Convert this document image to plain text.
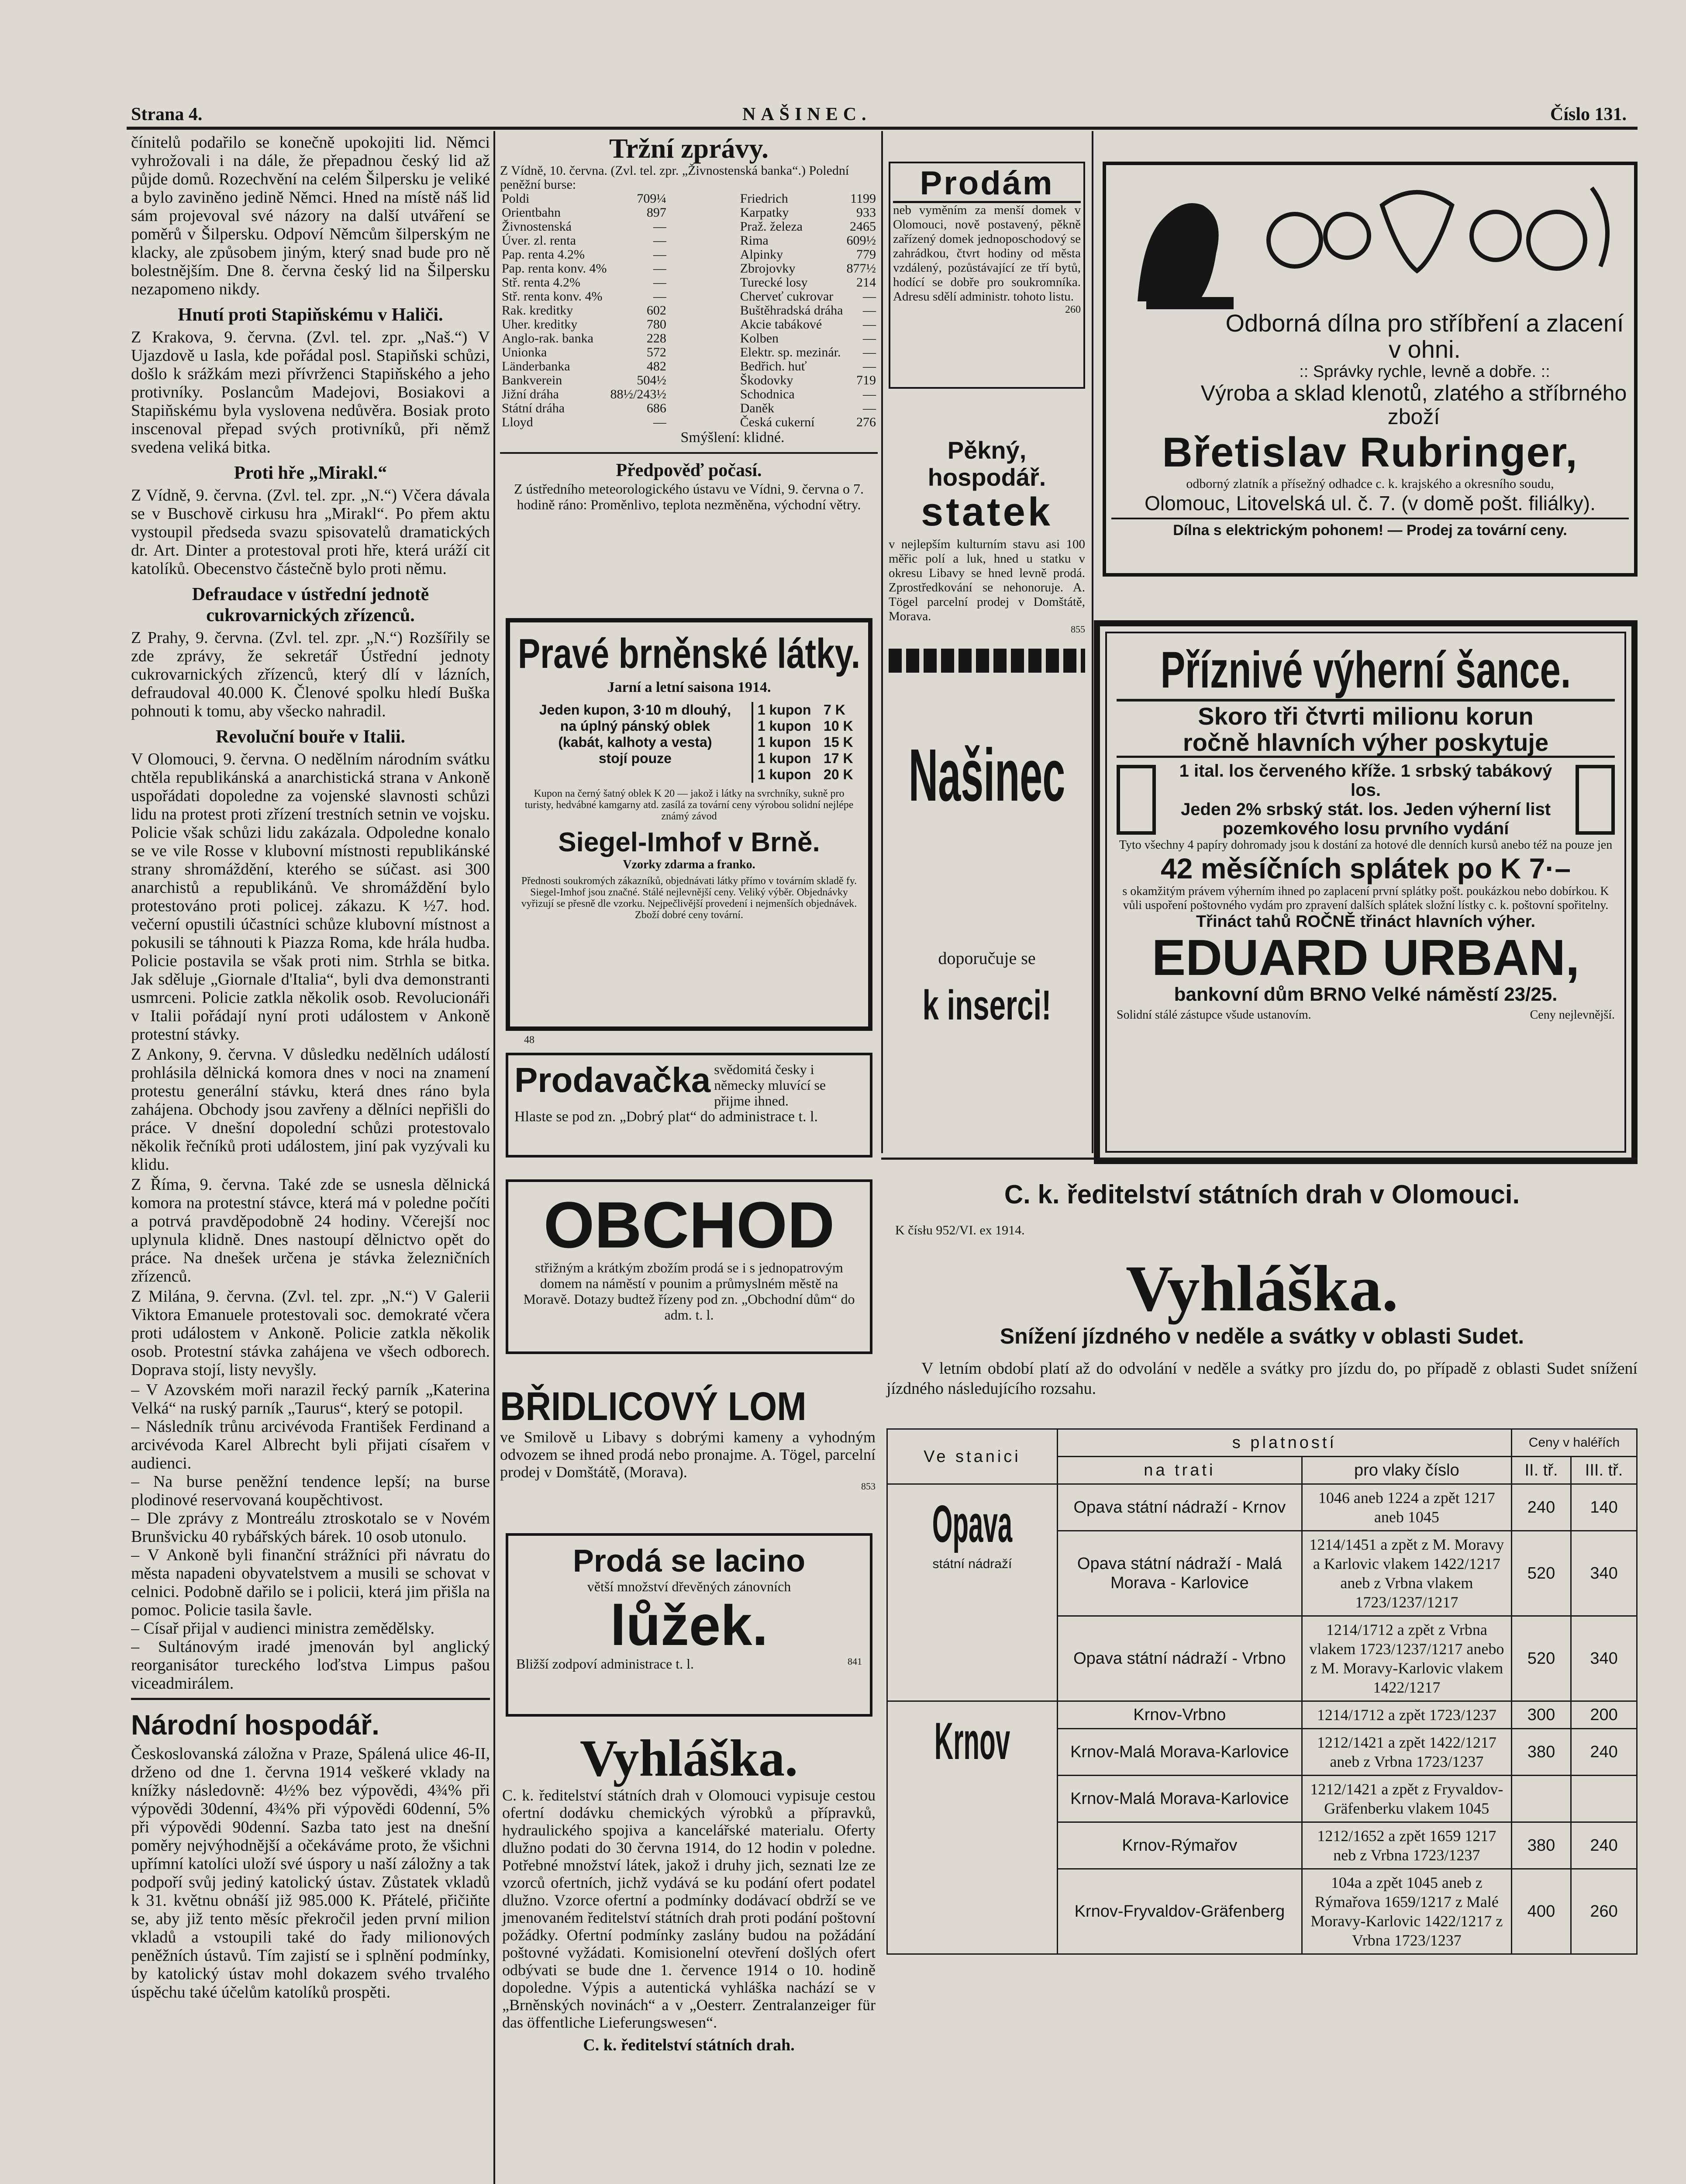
Strana 4.	NAŠINEC.	Číslo 131.

čínitelů podařilo se konečně upokojiti lid. Němci vyhrožovali i na dále, že přepadnou český lid až půjde domů. Rozechvění na celém Šilpersku je veliké a bylo zaviněno jedině Němci. Hned na místě náš lid sám projevoval své názory na další utváření se poměrů v Šilpersku. Odpoví Němcům šilperským ne klacky, ale způsobem jiným, který snad bude pro ně bolestnějším. Dne 8. června český lid na Šilpersku nezapomeno nikdy.

Hnutí proti Stapiňskému v Haliči.

Z Krakova, 9. června. (Zvl. tel. zpr. „Naš.“) V Ujazdově u Iasla, kde pořádal posl. Stapiňski schůzi, došlo k srážkám mezi přívrženci Stapiňského a jeho protivníky. Poslancům Madejovi, Bosiakovi a Stapiňskému byla vyslovena nedůvěra. Bosiak proto inscenoval přepad svých protivníků, při němž svedena veliká bitka.

Proti hře „Mirakl.“

Z Vídně, 9. června. (Zvl. tel. zpr. „N.“) Včera dávala se v Buschově cirkusu hra „Mirakl“. Po přem aktu vystoupil předseda svazu spisovatelů dramatických dr. Art. Dinter a protestoval proti hře, která uráží cit katolíků. Obecenstvo částečně bylo proti němu.

Defraudace v ústřední jednotě cukrovarnických zřízenců.

Z Prahy, 9. června. (Zvl. tel. zpr. „N.“) Rozšířily se zde zprávy, že sekretář Ústřední jednoty cukrovarnických zřízenců, který dlí v lázních, defraudoval 40.000 K. Členové spolku hledí Buška pohnouti k tomu, aby všecko nahradil.

Revoluční bouře v Italii.

V Olomouci, 9. června. O nedělním národním svátku chtěla republikánská a anarchistická strana v Ankoně uspořádati dopoledne za vojenské slavnosti schůzi lidu na protest proti zřízení trestních setnin ve vojsku. Policie však schůzi lidu zakázala. Odpoledne konalo se ve vile Rosse v klubovní místnosti republikánské strany shromáždění, kterého se súčast. asi 300 anarchistů a republikánů. Ve shromáždění bylo protestováno proti policej. zákazu. K ½7. hod. večerní opustili účastníci schůze klubovní místnost a pokusili se táhnouti k Piazza Roma, kde hrála hudba. Policie postavila se však proti nim. Strhla se bitka. Jak sděluje „Giornale d'Italia“, byli dva demonstranti usmrceni. Policie zatkla několik osob. Revolucionáři v Italii pořádají nyní proti událostem v Ankoně protestní stávky.

Z Ankony, 9. června. V důsledku nedělních událostí prohlásila dělnická komora dnes v noci na znamení protestu generální stávku, která dnes ráno byla zahájena. Obchody jsou zavřeny a dělníci nepřišli do práce. V dnešní dopolední schůzi protestovalo několik řečníků proti událostem, jiní pak vyzývali ku klidu.

Z Říma, 9. června. Také zde se usnesla dělnická komora na protestní stávce, která má v poledne počíti a potrvá pravděpodobně 24 hodiny. Včerejší noc uplynula klidně. Dnes nastoupí dělnictvo opět do práce. Na dnešek určena je stávka železničních zřízenců.

Z Milána, 9. června. (Zvl. tel. zpr. „N.“) V Galerii Viktora Emanuele protestovali soc. demokraté včera proti událostem v Ankoně. Policie zatkla několik osob. Protestní stávka zahájena ve všech odborech. Doprava stojí, listy nevyšly.

– V Azovském moři narazil řecký parník „Katerina Velká“ na ruský parník „Taurus“, který se potopil.
– Následník trůnu arcivévoda František Ferdinand a arcivévoda Karel Albrecht byli přijati císařem v audienci.
– Na burse peněžní tendence lepší; na burse plodinové reservovaná koupěchtivost.
– Dle zprávy z Montreálu ztroskotalo se v Novém Brunšvicku 40 rybářských bárek. 10 osob utonulo.
– V Ankoně byli finanční strážníci při návratu do města napadeni obyvatelstvem a musili se schovat v celnici. Podobně dařilo se i policii, která jim přišla na pomoc. Policie tasila šavle.
– Císař přijal v audienci ministra zemědělsky.
– Sultánovým iradé jmenován byl anglický reorganisátor tureckého loďstva Limpus pašou viceadmirálem.

Národní hospodář.

Českoslovanská záložna v Praze, Spálená ulice 46-II, drženo od dne 1. června 1914 veškeré vklady na knížky následovně: 4½% bez výpovědi, 4¾% při výpovědi 30denní, 4¾% při výpovědi 60denní, 5% při výpovědi 90denní. Sazba tato jest na dnešní poměry nejvýhodnější a očekáváme proto, že všichni upřímní katolíci uloží své úspory u naší záložny a tak podpoří svůj jediný katolický ústav. Zůstatek vkladů k 31. květnu obnáší již 985.000 K. Přátelé, přičiňte se, aby již tento měsíc překročil jeden první milion vkladů a vstoupili také do řady milionových peněžních ústavů. Tím zajistí se i splnění podmínky, by katolický ústav mohl dokazem svého trvalého úspěchu také účelům katolíků prospěti.

Tržní zprávy.
Z Vídně, 10. června. (Zvl. tel. zpr. „Živnostenská banka“.) Polední peněžní burse:
Poldi	709¼
Orientbahn	897
Živnostenská	—
Úver. zl. renta	—
Pap. renta 4.2%	—
Pap. renta konv. 4%	—
Stř. renta 4.2%	—
Stř. renta konv. 4%	—
Rak. kreditky	602
Uher. kreditky	780
Anglo-rak. banka	228
Unionka	572
Länderbanka	482
Bankverein	504½
Jižní dráha	88½/243½
Státní dráha	686
Lloyd	—
Friedrich	1199
Karpatky	933
Praž. železa	2465
Rima	609½
Alpinky	779
Zbrojovky	877½
Turecké losy	214
Cherveť cukrovar	—
Buštěhradská dráha	—
Akcie tabákové	—
Kolben	—
Elektr. sp. mezinár.	—
Bedřich. huť	—
Škodovky	719
Schodnica	—
Daněk	—
Česká cukerní	276
Smýšlení: klidné.
Předpověď počasí.
Z ústředního meteorologického ústavu ve Vídni, 9. června o 7. hodině ráno: Proměnlivo, teplota nezměněna, východní větry.
Pravé brněnské látky.
Jarní a letní saisona 1914.
Jeden kupon, 3·10 m dlouhý,	1 kupon	7 K
na úplný pánský oblek	1 kupon	10 K
(kabát, kalhoty a vesta)	1 kupon	15 K
stojí pouze	1 kupon	17 K
	1 kupon	20 K
Kupon na černý šatný oblek K 20 — jakož i látky na svrchníky, sukně pro turisty, hedvábné kamgarny atd. zasílá za tovární ceny výrobou solidní nejlépe známý závod
Siegel-Imhof v Brně.
Vzorky zdarma a franko.
Přednosti soukromých zákazníků, objednávati látky přímo v továrním skladě fy. Siegel-Imhof jsou značné. Stálé nejlevnější ceny. Veliký výběr. Objednávky vyřizují se přesně dle vzorku. Nejpečlivější provedení i nejmenších objednávek. Zboží dobré ceny tovární.
48
Prodavačka svědomitá česky i německy mluvící se přijme ihned.
Hlaste se pod zn. „Dobrý plat“ do administrace t. l.
OBCHOD
střižným a krátkým zbožím prodá se i s jednopatrovým domem na náměstí v pounim a průmyslném městě na Moravě. Dotazy budtež řízeny pod zn. „Obchodní dům“ do adm. t. l.
BŘIDLICOVÝ LOM
ve Smilově u Libavy s dobrými kameny a vyhodným odvozem se ihned prodá nebo pronajme. A. Tögel, parcelní prodej v Domštátě, (Morava).
853
Prodá se lacino
větší množství dřevěných zánovních
lůžek.
Bližší zodpoví administrace t. l.	841
Vyhláška.
C. k. ředitelství státních drah v Olomouci vypisuje cestou ofertní dodávku chemických výrobků a přípravků, hydraulického spojiva a kancelářské materialu. Oferty dlužno podati do 30 června 1914, do 12 hodin v poledne. Potřebné množství látek, jakož i druhy jich, seznati lze ze vzorců ofertních, jichž vydává se ku podání ofert podatel dlužno. Vzorce ofertní a podmínky dodávací obdrží se ve jmenovaném ředitelství státních drah proti podání poštovní požádky. Ofertní podmínky zaslány budou na požádání poštovné vyžádati. Komisionelní otevření došlých ofert odbývati se bude dne 1. července 1914 o 10. hodině dopoledne. Výpis a autentická vyhláška nachází se v „Brněnských novinách“ a v „Oesterr. Zentralanzeiger für das öffentliche Lieferungswesen“.
C. k. ředitelství státních drah.
Prodám
neb vyměním za menší domek v Olomouci, nově postavený, pěkně zařízený domek jednoposchodový se zahrádkou, čtvrt hodiny od města vzdálený, pozůstávající ze tří bytů, hodící se dobře pro soukromníka. Adresu sdělí administr. tohoto listu.
260
Pěkný, hospodář.
statek
v nejlepším kulturním stavu asi 100 měřic polí a luk, hned u statku v okresu Libavy se hned levně prodá. Zprostředkování se nehonoruje. A. Tögel parcelní prodej v Domštátě, Morava.
855
Našinec
doporučuje se
k inserci!
Odborná dílna pro stříbření a zlacení v ohni.
:: Správky rychle, levně a dobře. ::
Výroba a sklad klenotů, zlatého a stříbrného zboží
Břetislav Rubringer,
odborný zlatník a přísežný odhadce c. k. krajského a okresního soudu,
Olomouc, Litovelská ul. č. 7. (v domě pošt. filiálky).
Dílna s elektrickým pohonem! — Prodej za tovární ceny.
Příznivé výherní šance.
Skoro tři čtvrti milionu korun
ročně hlavních výher poskytuje
1 ital. los červeného kříže. 1 srbský tabákový los.
Jeden 2% srbský stát. los. Jeden výherní list pozemkového losu prvního vydání
Tyto všechny 4 papíry dohromady jsou k dostání za hotové dle denních kursů anebo též na pouze jen
42 měsíčních splátek po K 7·–
s okamžitým právem výherním ihned po zaplacení první splátky pošt. poukázkou nebo dobírkou. K vůli uspoření poštovného vydám pro zpravení dalších splátek složní lístky c. k. poštovní spořitelny.
Třináct tahů ROČNĚ třináct hlavních výher.
EDUARD URBAN,
bankovní dům BRNO Velké náměstí 23/25.
Solidní stálé zástupce všude ustanovím.	Ceny nejlevnější.
C. k. ředitelství státních drah v Olomouci.
K čísłu 952/VI. ex 1914.
Vyhláška.
Snížení jízdného v neděle a svátky v oblasti Sudet.
V letním období platí až do odvolání v neděle a svátky pro jízdu do, po případě z oblasti Sudet snížení jízdného následujícího rozsahu.
Ve stanici	s platností		Ceny v haléřích	
	na trati	pro vlaky číslo	II. tř.	III. tř.

Opava
státní nádraží	Opava státní nádraží - Krnov	1046 aneb 1224 a zpět 1217 aneb 1045	240	140
	Opava státní nádraží - Malá Morava - Karlovice	1214/1451 a zpět z M. Moravy a Karlovic vlakem 1422/1217 aneb z Vrbna vlakem 1723/1237/1217	520	340
	Opava státní nádraží - Vrbno	1214/1712 a zpět z Vrbna vlakem 1723/1237/1217 anebo z M. Moravy-Karlovic vlakem 1422/1217	520	340

Krnov	Krnov-Vrbno	1214/1712 a zpět 1723/1237	300	200
	Krnov-Malá Morava-Karlovice	1212/1421 a zpět 1422/1217 aneb z Vrbna 1723/1237	380	240
	Krnov-Malá Morava-Karlovice	1212/1421 a zpět z Fryvaldov-Gräfenberku vlakem 1045		
	Krnov-Rýmařov	1212/1652 a zpět 1659 1217 neb z Vrbna 1723/1237	380	240
	Krnov-Fryvaldov-Gräfenberg	104a a zpět 1045 aneb z Rýmařova 1659/1217 z Malé Moravy-Karlovic 1422/1217 z Vrbna 1723/1237	400	260
